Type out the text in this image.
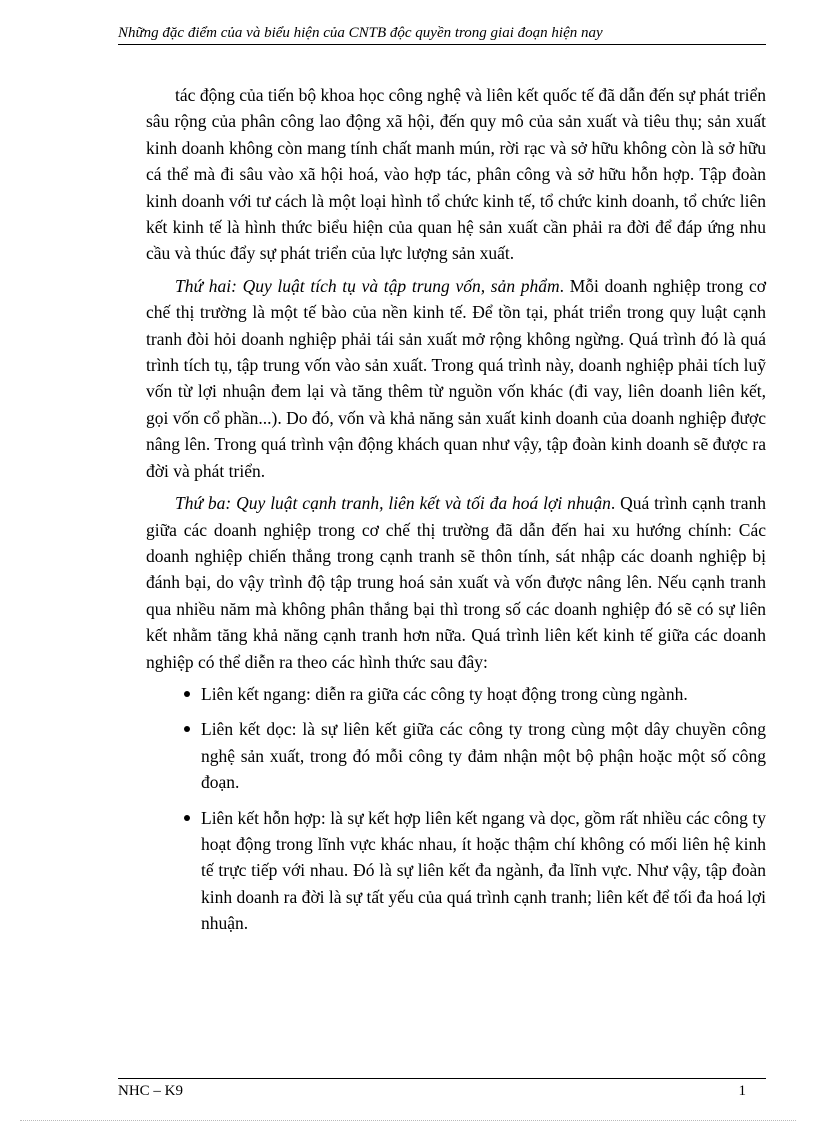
Những đặc điểm của và biểu hiện của CNTB độc quyền trong giai đoạn hiện nay

tác động của tiến bộ khoa học công nghệ và liên kết quốc tế đã dẫn đến sự phát triển sâu rộng của phân công lao động xã hội, đến quy mô của sản xuất và tiêu thụ; sản xuất kinh doanh không còn mang tính chất manh mún, rời rạc và sở hữu không còn là sở hữu cá thể mà đi sâu vào xã hội hoá, vào hợp tác, phân công và sở hữu hỗn hợp. Tập đoàn kinh doanh với tư cách là một loại hình tổ chức kinh tế, tổ chức kinh doanh, tổ chức liên kết kinh tế là hình thức biểu hiện của quan hệ sản xuất cần phải ra đời để đáp ứng nhu cầu và thúc đẩy sự phát triển của lực lượng sản xuất.

Thứ hai: Quy luật tích tụ và tập trung vốn, sản phẩm. Mỗi doanh nghiệp trong cơ chế thị trường là một tế bào của nền kinh tế. Để tồn tại, phát triển trong quy luật cạnh tranh đòi hỏi doanh nghiệp phải tái sản xuất mở rộng không ngừng. Quá trình đó là quá trình tích tụ, tập trung vốn vào sản xuất. Trong quá trình này, doanh nghiệp phải tích luỹ vốn từ lợi nhuận đem lại và tăng thêm từ nguồn vốn khác (đi vay, liên doanh liên kết, gọi vốn cổ phần...). Do đó, vốn và khả năng sản xuất kinh doanh của doanh nghiệp được nâng lên. Trong quá trình vận động khách quan như vậy, tập đoàn kinh doanh sẽ được ra đời và phát triển.

Thứ ba: Quy luật cạnh tranh, liên kết và tối đa hoá lợi nhuận. Quá trình cạnh tranh giữa các doanh nghiệp trong cơ chế thị trường đã dẫn đến hai xu hướng chính: Các doanh nghiệp chiến thắng trong cạnh tranh sẽ thôn tính, sát nhập các doanh nghiệp bị đánh bại, do vậy trình độ tập trung hoá sản xuất và vốn được nâng lên. Nếu cạnh tranh qua nhiều năm mà không phân thắng bại thì trong số các doanh nghiệp đó sẽ có sự liên kết nhằm tăng khả năng cạnh tranh hơn nữa. Quá trình liên kết kinh tế giữa các doanh nghiệp có thể diễn ra theo các hình thức sau đây:

Liên kết ngang: diễn ra giữa các công ty hoạt động trong cùng ngành.
Liên kết dọc: là sự liên kết giữa các công ty trong cùng một dây chuyền công nghệ sản xuất, trong đó mỗi công ty đảm nhận một bộ phận hoặc một số công đoạn.
Liên kết hỗn hợp: là sự kết hợp liên kết ngang và dọc, gồm rất nhiều các công ty hoạt động trong lĩnh vực khác nhau, ít hoặc thậm chí không có mối liên hệ kinh tế trực tiếp với nhau. Đó là sự liên kết đa ngành, đa lĩnh vực. Như vậy, tập đoàn kinh doanh ra đời là sự tất yếu của quá trình cạnh tranh; liên kết để tối đa hoá lợi nhuận.
NHC – K9	1
